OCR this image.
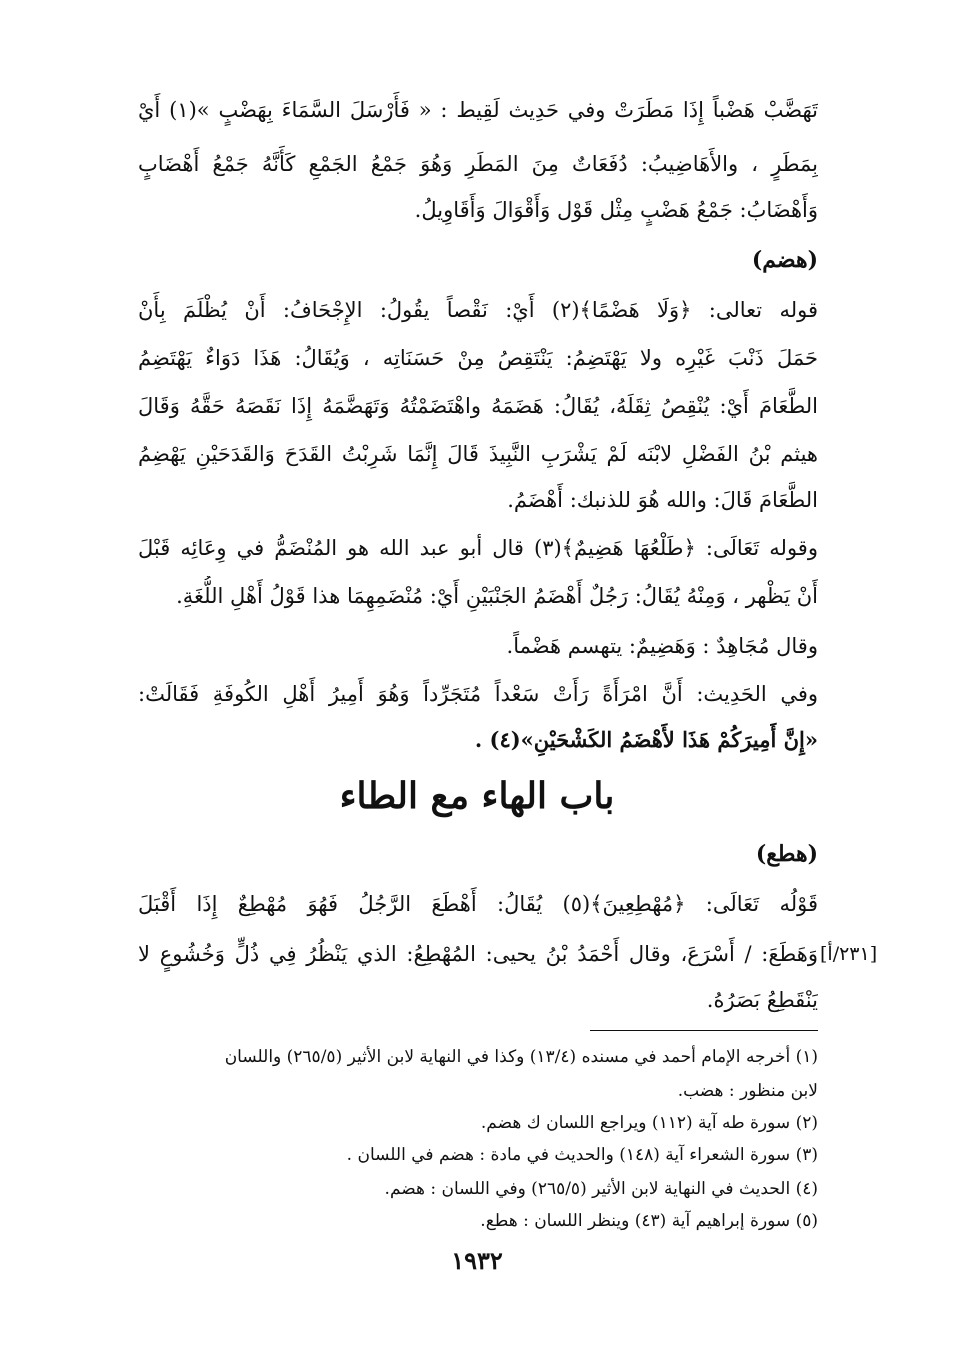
تَهَضَّبْ هَضْباً إِذَا مَطَرَتْ وفي حَدِيث لَقِيط : « فَأَرْسَلَ السَّمَاءَ بِهَضْبٍ »(١) أَيْ
بِمَطَرٍ ، والأَهَاضِيبُ: دُفَعَاتٌ مِنَ المَطَرِ وَهُوَ جَمْعُ الجَمْعِ كَأَنَّهُ جَمْعُ أَهْضَابٍ
وَأَهْضَابُ: جَمْعُ هَضْبٍ مِثْل قَوْل وَأَقْوَالَ وَأَقَاوِيلُ.
(هضم)
قوله تعالى: ﴿وَلَا هَضْمًا﴾(٢) أَيْ: نَقْصاً يقُولُ: الإِجْحَافُ: أَنْ يُظْلَمَ بِأَنْ
حَمَلَ ذَنْبَ غَيْرِه ولا يَهْتَضِمُ: يَنْتَقِصُ مِنْ حَسَنَاتِه ، وَيُقَالُ: هَذَا دَوَاءٌ يَهْتَضِمُ
الطَّعَامَ أَيْ: يُنْقِصُ ثِقَلَهُ، يُقَالُ: هَضَمَهُ واهْتَضَمْتُهُ وَتَهَضَّمَهُ إِذَا نَقَصَهُ حَقَّهُ وَقَالَ
هيثم بْنُ الفَضْلِ لابْنَه لَمْ يَشْرَبِ النَّبِيذَ قَالَ إِنَّمَا شَرِبْتُ القَدَحَ وَالقَدَحَيْنِ يَهْضِمُ
الطَّعَامَ قَالَ: والله هُوَ للذنبك: أَهْضَمُ.
وقوله تَعَالَى: ﴿طَلْعُهَا هَضِيمٌ﴾(٣) قال أبو عبد الله هو المُنْضَمُّ في وِعَائِه قَبْلَ
أَنْ يَظْهر ، وَمِنْهُ يُقَالُ: رَجُلٌ أَهْضَمُ الجَنْبَيْنِ أَيْ: مُنْضَمِهِمَا هذا قَوْلُ أَهْلِ اللُّغَةِ.
وقال مُجَاهِدٌ : وَهَضِيمٌ: يتهسم هَضْماً.
وفي الحَدِيث: أَنَّ امْرَأَةً رَأَتْ سَعْداً مُتَجَرِّداً وَهُوَ أَمِيرُ أَهْلِ الكُوفَةِ فَقَالَتْ:
«إِنَّ أَمِيرَكُمْ هَذَا لأَهْضَمُ الكَشْحَيْنِ»(٤) .
باب الهاء مع الطاء
(هطع)
قَوْلُه تَعَالَى: ﴿مُهْطِعِينَ﴾(٥) يُقَالُ: أَهْطَعَ الرَّجُلُ فَهُوَ مُهْطِعٌ إِذَا أَقْبَلَ
وَهَطَعَ: / أَسْرَعَ، وقال أَحْمَدُ بْنُ يحيى: المُهْطِعُ: الذي يَنْظُرُ فِي ذُلٍّ وَخُشُوعٍ لا
يَنْقَطِعُ بَصَرُهُ.
[٢٣١/أ]
(١) أخرجه الإمام أحمد في مسنده (١٣/٤) وكذا في النهاية لابن الأثير (٢٦٥/٥) واللسان
لابن منظور : هضب.
(٢) سورة طه آية (١١٢) ويراجع اللسان ك هضم.
(٣) سورة الشعراء آية (١٤٨) والحديث في مادة : هضم في اللسان .
(٤) الحديث في النهاية لابن الأثير (٢٦٥/٥) وفي اللسان : هضم.
(٥) سورة إبراهيم آية (٤٣) وينظر اللسان : هطع.
١٩٣٢
